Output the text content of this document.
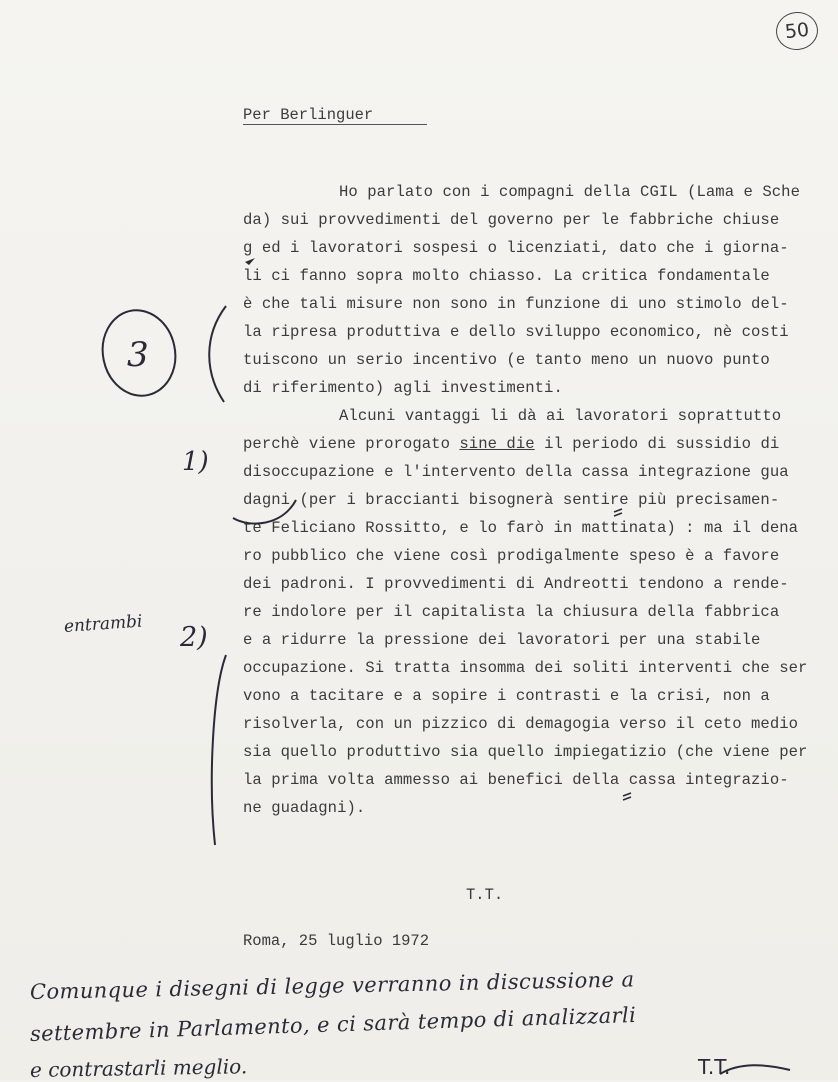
50
Per Berlinguer
Ho parlato con i compagni della CGIL (Lama e Sche
da) sui provvedimenti del governo per le fabbriche chiuse
g ed i lavoratori sospesi o licenziati, dato che i giorna-
li ci fanno sopra molto chiasso. La critica fondamentale
è che tali misure non sono in funzione di uno stimolo del-
la ripresa produttiva e dello sviluppo economico, nè costi
tuiscono un serio incentivo (e tanto meno un nuovo punto
di riferimento) agli investimenti.
Alcuni vantaggi li dà ai lavoratori soprattutto
perchè viene prorogato sine die il periodo di sussidio di
disoccupazione e l'intervento della cassa integrazione gua
dagni (per i braccianti bisognerà sentire più precisamen-
te Feliciano Rossitto, e lo farò in mattinata) : ma il dena
ro pubblico che viene così prodigalmente speso è a favore
dei padroni. I provvedimenti di Andreotti tendono a rende-
re indolore per il capitalista la chiusura della fabbrica
e a ridurre la pressione dei lavoratori per una stabile
occupazione. Si tratta insomma dei soliti interventi che ser
vono a tacitare e a sopire i contrasti e la crisi, non a
risolverla, con un pizzico di demagogia verso il ceto medio
sia quello produttivo sia quello impiegatizio (che viene per
la prima volta ammesso ai benefici della cassa integrazio-
ne guadagni).
T.T.
Roma, 25 luglio 1972
3
1)
2)
T.T.
entrambi
Comunque i disegni di legge verranno in discussione a
settembre in Parlamento, e ci sarà tempo di analizzarli
e contrastarli meglio.
